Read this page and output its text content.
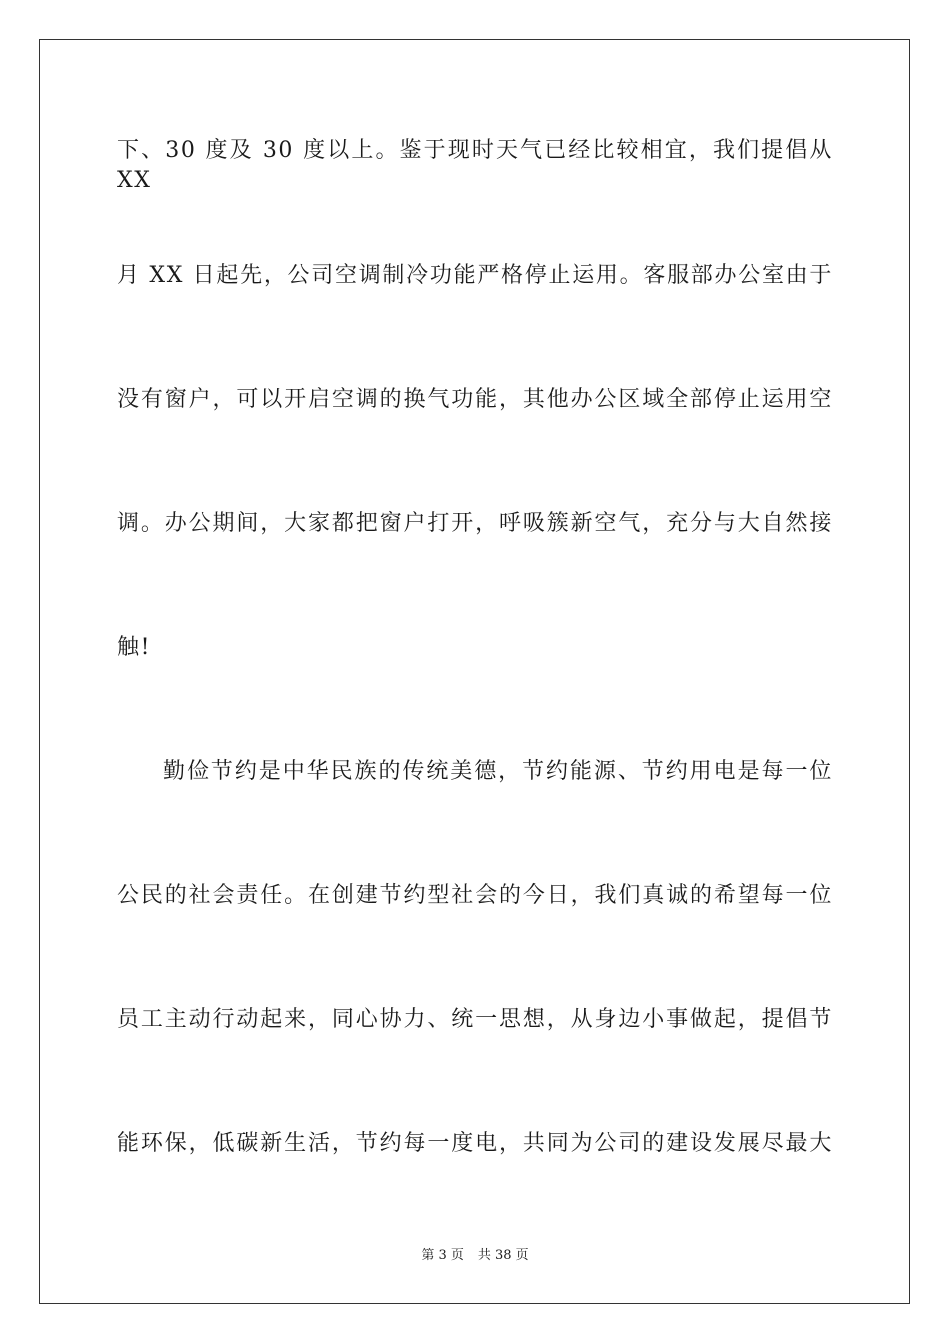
下、30 度及 30 度以上。鉴于现时天气已经比较相宜，我们提倡从 XX
月 XX 日起先，公司空调制冷功能严格停止运用。客服部办公室由于
没有窗户，可以开启空调的换气功能，其他办公区域全部停止运用空
调。办公期间，大家都把窗户打开，呼吸簇新空气，充分与大自然接
触!
勤俭节约是中华民族的传统美德，节约能源、节约用电是每一位
公民的社会责任。在创建节约型社会的今日，我们真诚的希望每一位
员工主动行动起来，同心协力、统一思想，从身边小事做起，提倡节
能环保，低碳新生活，节约每一度电，共同为公司的建设发展尽最大
第 3 页 共 38 页
